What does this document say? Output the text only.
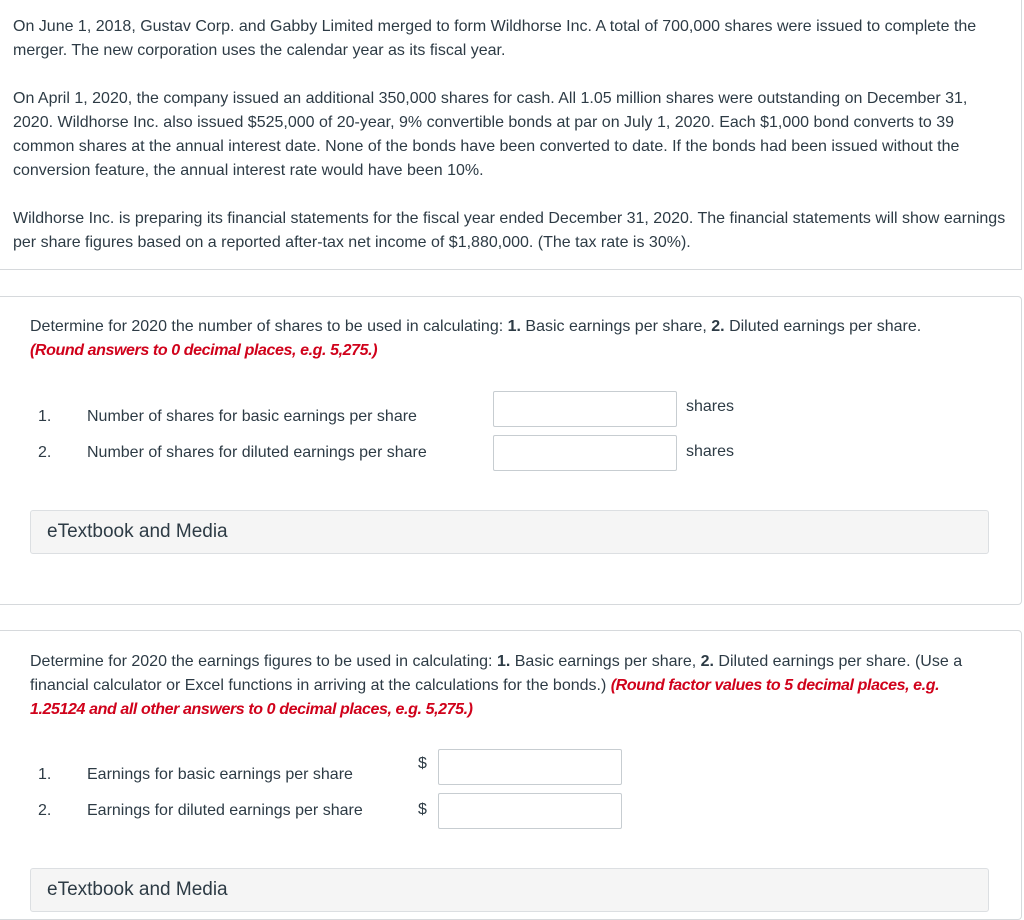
On June 1, 2018, Gustav Corp. and Gabby Limited merged to form Wildhorse Inc. A total of 700,000 shares were issued to complete the merger. The new corporation uses the calendar year as its fiscal year.

On April 1, 2020, the company issued an additional 350,000 shares for cash. All 1.05 million shares were outstanding on December 31, 2020. Wildhorse Inc. also issued $525,000 of 20-year, 9% convertible bonds at par on July 1, 2020. Each $1,000 bond converts to 39 common shares at the annual interest date. None of the bonds have been converted to date. If the bonds had been issued without the conversion feature, the annual interest rate would have been 10%.

Wildhorse Inc. is preparing its financial statements for the fiscal year ended December 31, 2020. The financial statements will show earnings per share figures based on a reported after-tax net income of $1,880,000. (The tax rate is 30%).

Determine for 2020 the number of shares to be used in calculating: 1. Basic earnings per share, 2. Diluted earnings per share.
(Round answers to 0 decimal places, e.g. 5,275.)

1. Number of shares for basic earnings per share
shares
2. Number of shares for diluted earnings per share	shares
eTextbook and Media

Determine for 2020 the earnings figures to be used in calculating: 1. Basic earnings per share, 2. Diluted earnings per share. (Use a financial calculator or Excel functions in arriving at the calculations for the bonds.) (Round factor values to 5 decimal places, e.g. 1.25124 and all other answers to 0 decimal places, e.g. 5,275.)

1. Earnings for basic earnings per share
$
2. Earnings for diluted earnings per share	$
eTextbook and Media
